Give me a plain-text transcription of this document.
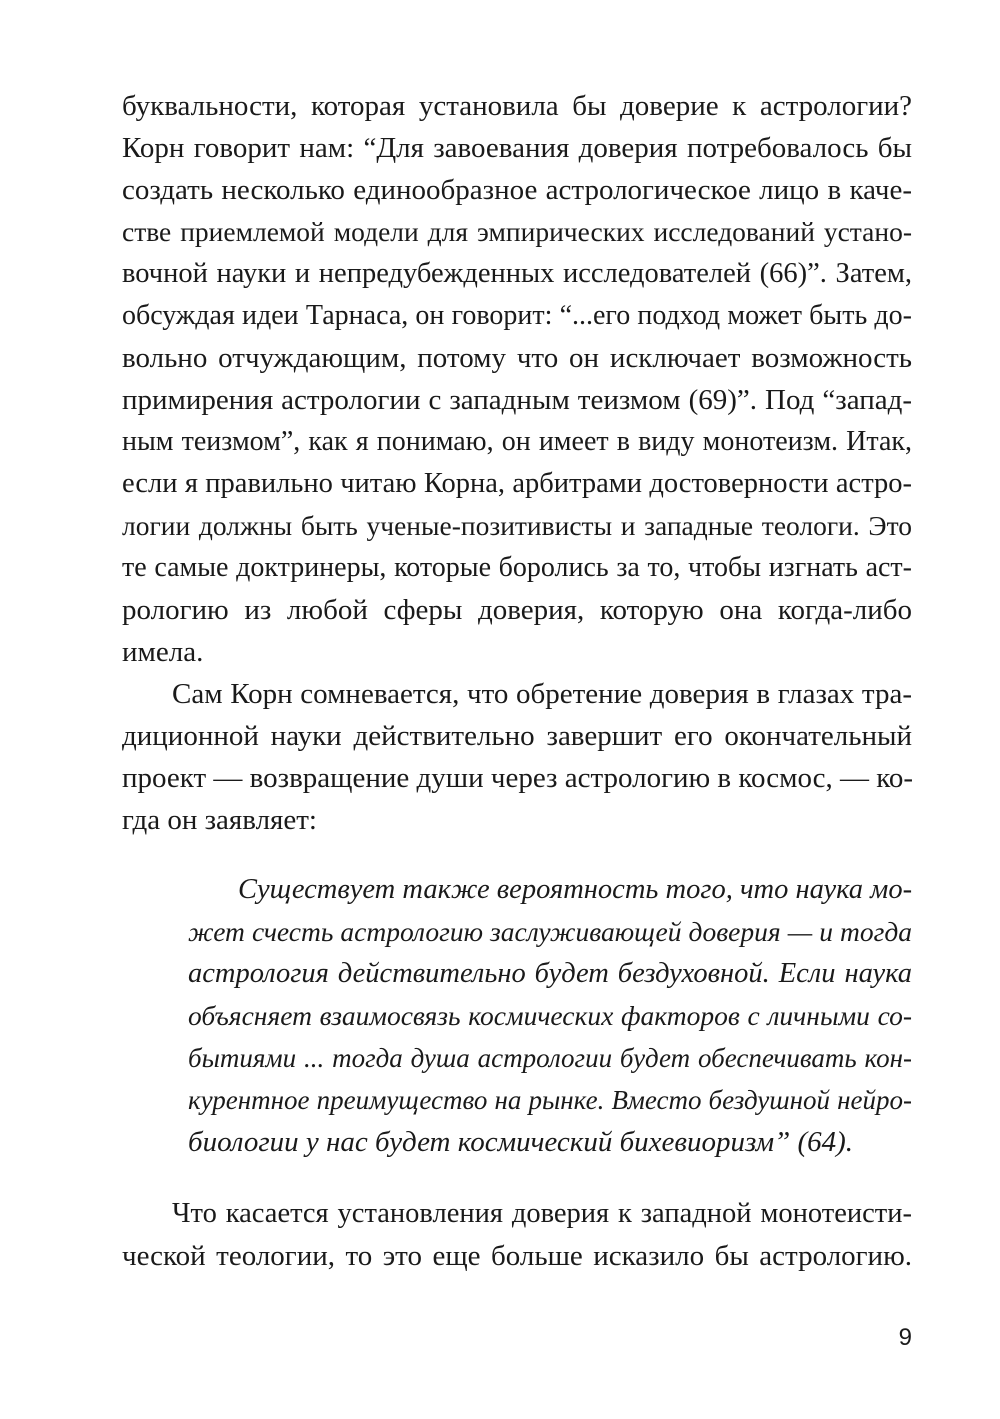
буквальности, которая установила бы доверие к астрологии?
Корн говорит нам: “Для завоевания доверия потребовалось бы
создать несколько единообразное астрологическое лицо в каче-
стве приемлемой модели для эмпирических исследований устано-
вочной науки и непредубежденных исследователей (66)”. Затем,
обсуждая идеи Тарнаса, он говорит: “...его подход может быть до-
вольно отчуждающим, потому что он исключает возможность
примирения астрологии с западным теизмом (69)”. Под “запад-
ным теизмом”, как я понимаю, он имеет в виду монотеизм. Итак,
если я правильно читаю Корна, арбитрами достоверности астро-
логии должны быть ученые-позитивисты и западные теологи. Это
те самые доктринеры, которые боролись за то, чтобы изгнать аст-
рологию из любой сферы доверия, которую она когда-либо
имела.
Сам Корн сомневается, что обретение доверия в глазах тра-
диционной науки действительно завершит его окончательный
проект — возвращение души через астрологию в космос, — ко-
гда он заявляет:
Существует также вероятность того, что наука мо-
жет счесть астрологию заслуживающей доверия — и тогда
астрология действительно будет бездуховной. Если наука
объясняет взаимосвязь космических факторов с личными со-
бытиями ... тогда душа астрологии будет обеспечивать кон-
курентное преимущество на рынке. Вместо бездушной нейро-
биологии у нас будет космический бихевиоризм” (64).
Что касается установления доверия к западной монотеисти-
ческой теологии, то это еще больше исказило бы астрологию.
9
